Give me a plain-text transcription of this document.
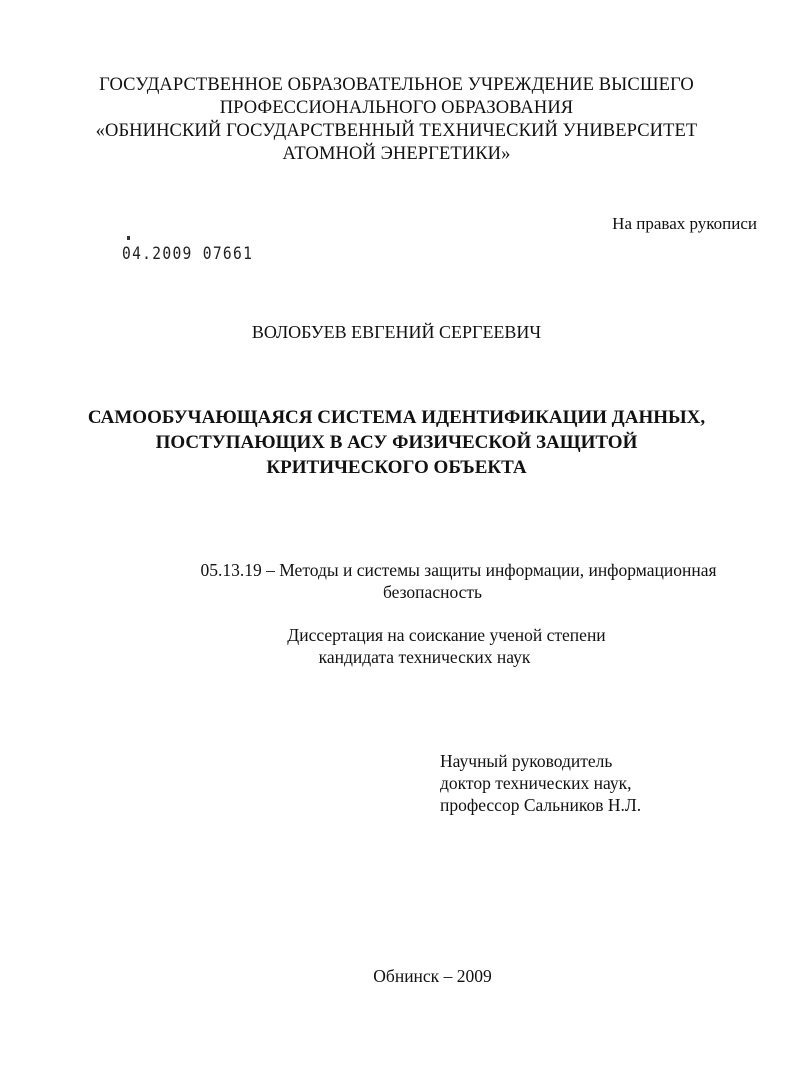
ГОСУДАРСТВЕННОЕ ОБРАЗОВАТЕЛЬНОЕ УЧРЕЖДЕНИЕ ВЫСШЕГО
ПРОФЕССИОНАЛЬНОГО ОБРАЗОВАНИЯ
«ОБНИНСКИЙ ГОСУДАРСТВЕННЫЙ ТЕХНИЧЕСКИЙ УНИВЕРСИТЕТ
АТОМНОЙ ЭНЕРГЕТИКИ»
На правах рукописи
04.2009 07661
ВОЛОБУЕВ ЕВГЕНИЙ СЕРГЕЕВИЧ
САМООБУЧАЮЩАЯСЯ СИСТЕМА ИДЕНТИФИКАЦИИ ДАННЫХ,
ПОСТУПАЮЩИХ В АСУ ФИЗИЧЕСКОЙ ЗАЩИТОЙ
КРИТИЧЕСКОГО ОБЪЕКТА
05.13.19 – Методы и системы защиты информации, информационная
безопасность
Диссертация на соискание ученой степени
кандидата технических наук
Научный руководитель
доктор технических наук,
профессор Сальников Н.Л.
Обнинск – 2009
